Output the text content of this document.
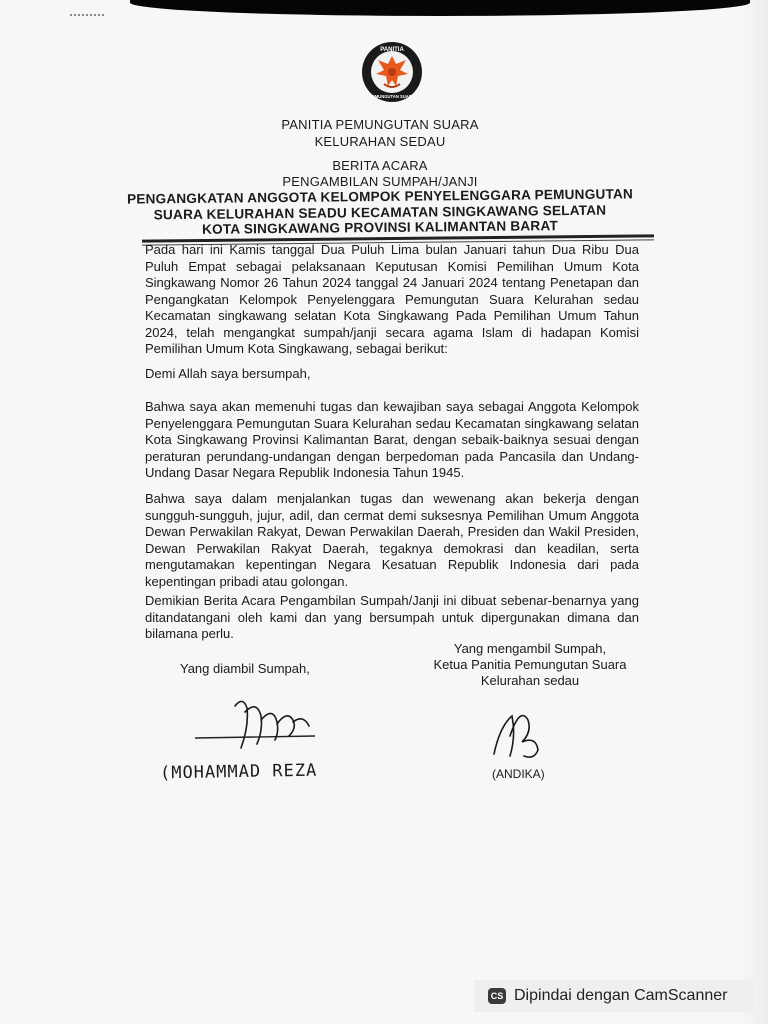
PANITIA
PEMUNGUTAN SUARA
PANITIA PEMUNGUTAN SUARA
KELURAHAN SEDAU
BERITA ACARA
PENGAMBILAN SUMPAH/JANJI
PENGANGKATAN ANGGOTA KELOMPOK PENYELENGGARA PEMUNGUTAN
SUARA KELURAHAN SEADU KECAMATAN SINGKAWANG SELATAN
KOTA SINGKAWANG PROVINSI KALIMANTAN BARAT
Pada hari ini Kamis tanggal Dua Puluh Lima bulan Januari tahun Dua Ribu Dua Puluh Empat sebagai pelaksanaan Keputusan Komisi Pemilihan Umum Kota Singkawang Nomor 26 Tahun 2024 tanggal 24 Januari 2024 tentang Penetapan dan Pengangkatan Kelompok Penyelenggara Pemungutan Suara Kelurahan sedau Kecamatan singkawang selatan Kota Singkawang Pada Pemilihan Umum Tahun 2024, telah mengangkat sumpah/janji secara agama Islam di hadapan Komisi Pemilihan Umum Kota Singkawang, sebagai berikut:
Demi Allah saya bersumpah,
Bahwa saya akan memenuhi tugas dan kewajiban saya sebagai Anggota Kelompok Penyelenggara Pemungutan Suara Kelurahan sedau Kecamatan singkawang selatan Kota Singkawang Provinsi Kalimantan Barat, dengan sebaik-baiknya sesuai dengan peraturan perundang-undangan dengan berpedoman pada Pancasila dan Undang-Undang Dasar Negara Republik Indonesia Tahun 1945.
Bahwa saya dalam menjalankan tugas dan wewenang akan bekerja dengan sungguh-sungguh, jujur, adil, dan cermat demi suksesnya Pemilihan Umum Anggota Dewan Perwakilan Rakyat, Dewan Perwakilan Daerah, Presiden dan Wakil Presiden, Dewan Perwakilan Rakyat Daerah, tegaknya demokrasi dan keadilan, serta mengutamakan kepentingan Negara Kesatuan Republik Indonesia dari pada kepentingan pribadi atau golongan.
Demikian Berita Acara Pengambilan Sumpah/Janji ini dibuat sebenar-benarnya yang ditandatangani oleh kami dan yang bersumpah untuk dipergunakan dimana dan bilamana perlu.
Yang mengambil Sumpah,
Ketua Panitia Pemungutan Suara
Kelurahan sedau
Yang diambil Sumpah,
(MOHAMMAD REZA	(ANDIKA)
CS Dipindai dengan CamScanner
